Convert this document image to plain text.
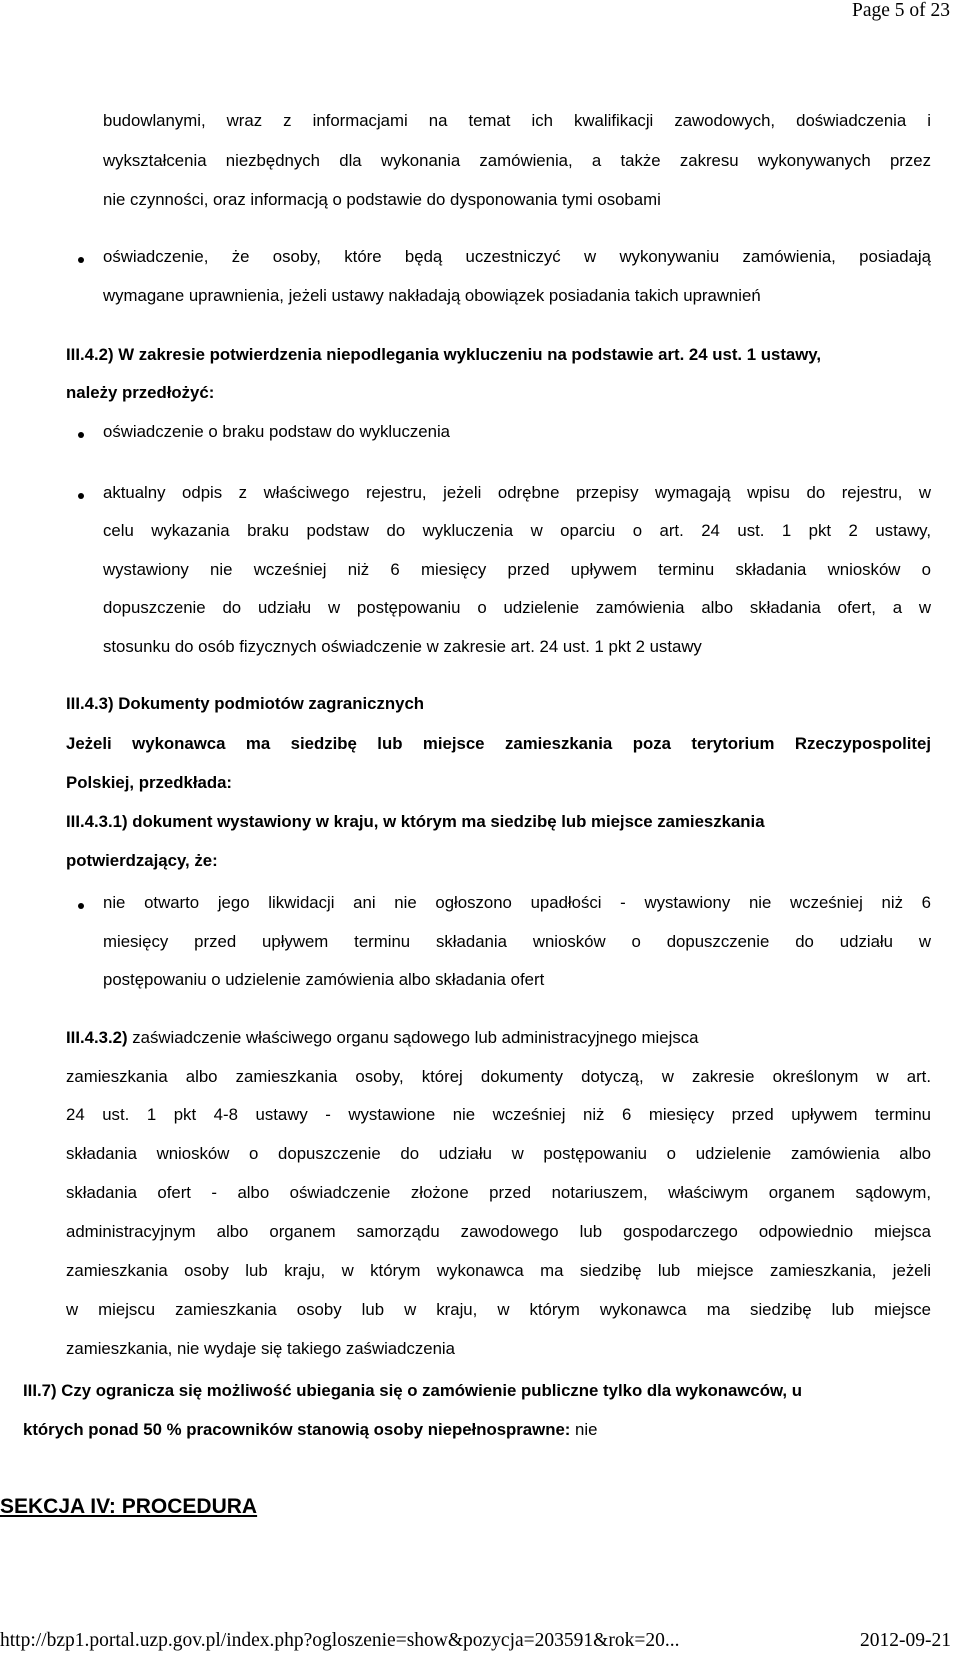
Page 5 of 23

budowlanymi, wraz z informacjami na temat ich kwalifikacji zawodowych, doświadczenia i

wykształcenia niezbędnych dla wykonania zamówienia, a także zakresu wykonywanych przez

nie czynności, oraz informacją o podstawie do dysponowania tymi osobami

oświadczenie, że osoby, które będą uczestniczyć w wykonywaniu zamówienia, posiadają

wymagane uprawnienia, jeżeli ustawy nakładają obowiązek posiadania takich uprawnień

III.4.2) W zakresie potwierdzenia niepodlegania wykluczeniu na podstawie art. 24 ust. 1 ustawy,

należy przedłożyć:

oświadczenie o braku podstaw do wykluczenia

aktualny odpis z właściwego rejestru, jeżeli odrębne przepisy wymagają wpisu do rejestru, w

celu wykazania braku podstaw do wykluczenia w oparciu o art. 24 ust. 1 pkt 2 ustawy,

wystawiony nie wcześniej niż 6 miesięcy przed upływem terminu składania wniosków o

dopuszczenie do udziału w postępowaniu o udzielenie zamówienia albo składania ofert, a w

stosunku do osób fizycznych oświadczenie w zakresie art. 24 ust. 1 pkt 2 ustawy

III.4.3) Dokumenty podmiotów zagranicznych

Jeżeli wykonawca ma siedzibę lub miejsce zamieszkania poza terytorium Rzeczypospolitej

Polskiej, przedkłada:

III.4.3.1) dokument wystawiony w kraju, w którym ma siedzibę lub miejsce zamieszkania

potwierdzający, że:

nie otwarto jego likwidacji ani nie ogłoszono upadłości - wystawiony nie wcześniej niż 6

miesięcy przed upływem terminu składania wniosków o dopuszczenie do udziału w

postępowaniu o udzielenie zamówienia albo składania ofert

III.4.3.2) zaświadczenie właściwego organu sądowego lub administracyjnego miejsca

zamieszkania albo zamieszkania osoby, której dokumenty dotyczą, w zakresie określonym w art.

24 ust. 1 pkt 4-8 ustawy - wystawione nie wcześniej niż 6 miesięcy przed upływem terminu

składania wniosków o dopuszczenie do udziału w postępowaniu o udzielenie zamówienia albo

składania ofert - albo oświadczenie złożone przed notariuszem, właściwym organem sądowym,

administracyjnym albo organem samorządu zawodowego lub gospodarczego odpowiednio miejsca

zamieszkania osoby lub kraju, w którym wykonawca ma siedzibę lub miejsce zamieszkania, jeżeli

w miejscu zamieszkania osoby lub w kraju, w którym wykonawca ma siedzibę lub miejsce

zamieszkania, nie wydaje się takiego zaświadczenia

III.7) Czy ogranicza się możliwość ubiegania się o zamówienie publiczne tylko dla wykonawców, u

których ponad 50 % pracowników stanowią osoby niepełnosprawne: nie

SEKCJA IV: PROCEDURA

http://bzp1.portal.uzp.gov.pl/index.php?ogloszenie=show&pozycja=203591&rok=20...	2012-09-21
